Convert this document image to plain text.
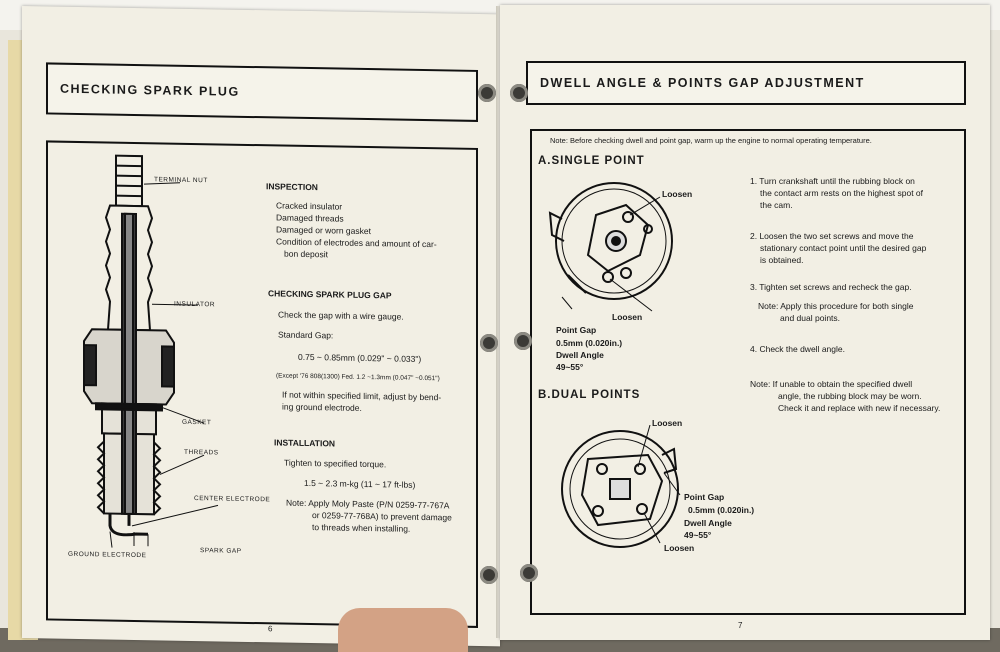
CHECKING SPARK PLUG
TERMINAL NUT
INSULATOR
GASKET
THREADS
CENTER ELECTRODE
GROUND ELECTRODE	SPARK GAP
INSPECTION
Cracked insulator
Damaged threads
Damaged or worn gasket
Condition of electrodes and amount of car-
bon deposit
CHECKING SPARK PLUG GAP
Check the gap with a wire gauge.
Standard Gap:
0.75 ~ 0.85mm (0.029" ~ 0.033")
(Except '76 808(1300) Fed. 1.2 ~1.3mm (0.047" ~0.051")
If not within specified limit, adjust by bend-
ing ground electrode.
INSTALLATION
Tighten to specified torque.
1.5 ~ 2.3 m-kg (11 ~ 17 ft-lbs)
Note: Apply Moly Paste (P/N 0259-77-767A
or 0259-77-768A) to prevent damage
to threads when installing.
6
DWELL ANGLE & POINTS GAP ADJUSTMENT
Note: Before checking dwell and point gap, warm up the engine to normal operating temperature.
A.SINGLE POINT
Loosen
Loosen
Point Gap
0.5mm (0.020in.)
Dwell Angle
49~55°
B.DUAL POINTS
Loosen
Loosen
Point Gap
0.5mm (0.020in.)
Dwell Angle
49~55°
1. Turn crankshaft until the rubbing block on
the contact arm rests on the highest spot of
the cam.
2. Loosen the two set screws and move the
stationary contact point until the desired gap
is obtained.
3. Tighten set screws and recheck the gap.
Note: Apply this procedure for both single
and dual points.
4. Check the dwell angle.
Note: If unable to obtain the specified dwell
angle, the rubbing block may be worn.
Check it and replace with new if necessary.
7
